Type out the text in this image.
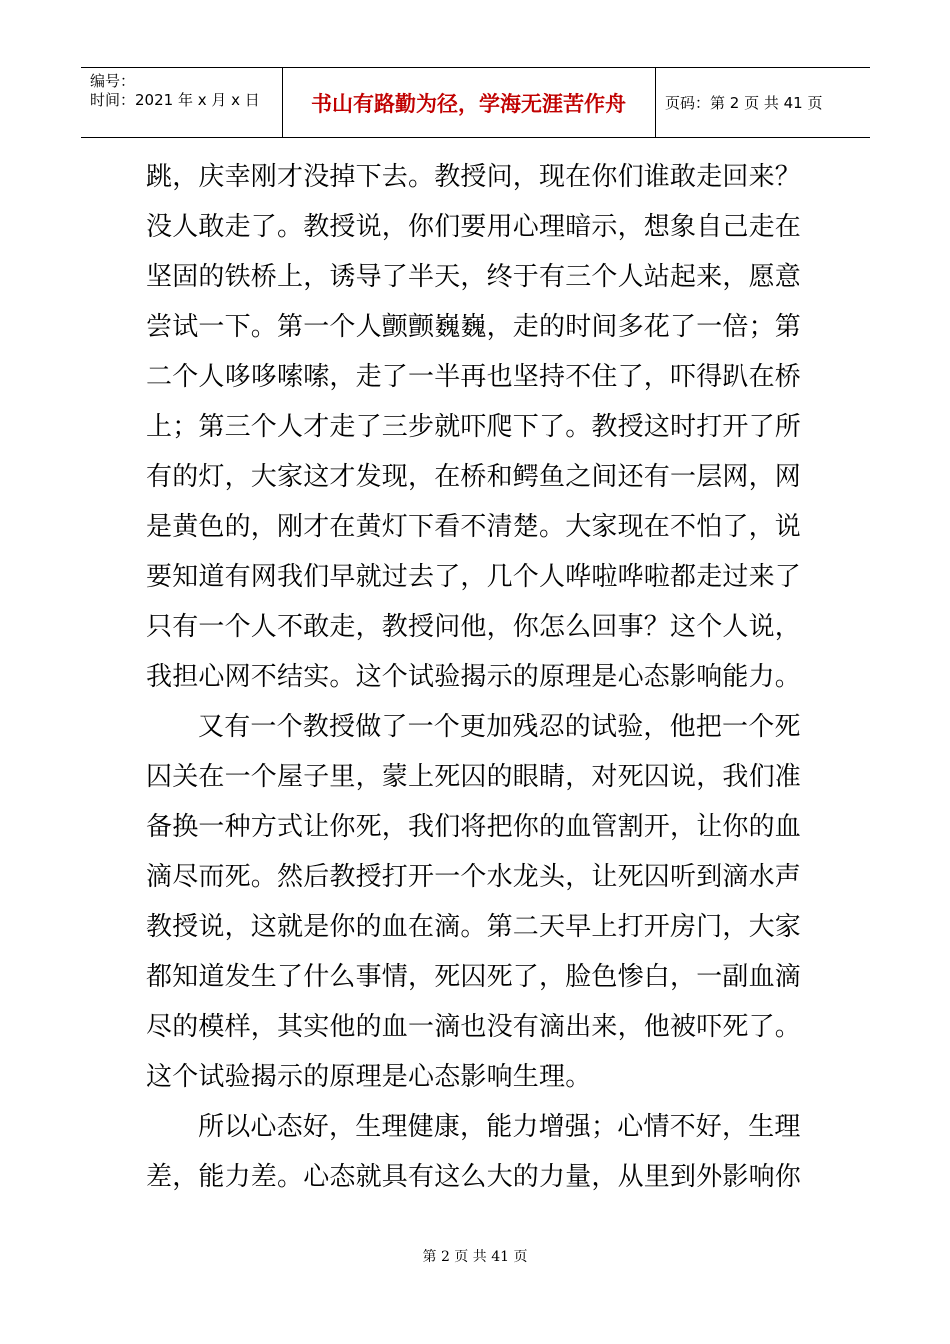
编号：
时间：2021 年 x 月 x 日	书山有路勤为径，学海无涯苦作舟	页码：第 2 页 共 41 页
跳，庆幸刚才没掉下去。教授问，现在你们谁敢走回来？
没人敢走了。教授说，你们要用心理暗示，想象自己走在
坚固的铁桥上，诱导了半天，终于有三个人站起来，愿意
尝试一下。第一个人颤颤巍巍，走的时间多花了一倍；第
二个人哆哆嗦嗦，走了一半再也坚持不住了，吓得趴在桥
上；第三个人才走了三步就吓爬下了。教授这时打开了所
有的灯，大家这才发现，在桥和鳄鱼之间还有一层网，网
是黄色的，刚才在黄灯下看不清楚。大家现在不怕了，说
要知道有网我们早就过去了，几个人哗啦哗啦都走过来了
只有一个人不敢走，教授问他，你怎么回事？这个人说，
我担心网不结实。这个试验揭示的原理是心态影响能力。
又有一个教授做了一个更加残忍的试验，他把一个死
囚关在一个屋子里，蒙上死囚的眼睛，对死囚说，我们准
备换一种方式让你死，我们将把你的血管割开，让你的血
滴尽而死。然后教授打开一个水龙头，让死囚听到滴水声
教授说，这就是你的血在滴。第二天早上打开房门，大家
都知道发生了什么事情，死囚死了，脸色惨白，一副血滴
尽的模样，其实他的血一滴也没有滴出来，他被吓死了。
这个试验揭示的原理是心态影响生理。
所以心态好，生理健康，能力增强；心情不好，生理
差，能力差。心态就具有这么大的力量，从里到外影响你
第 2 页 共 41 页
